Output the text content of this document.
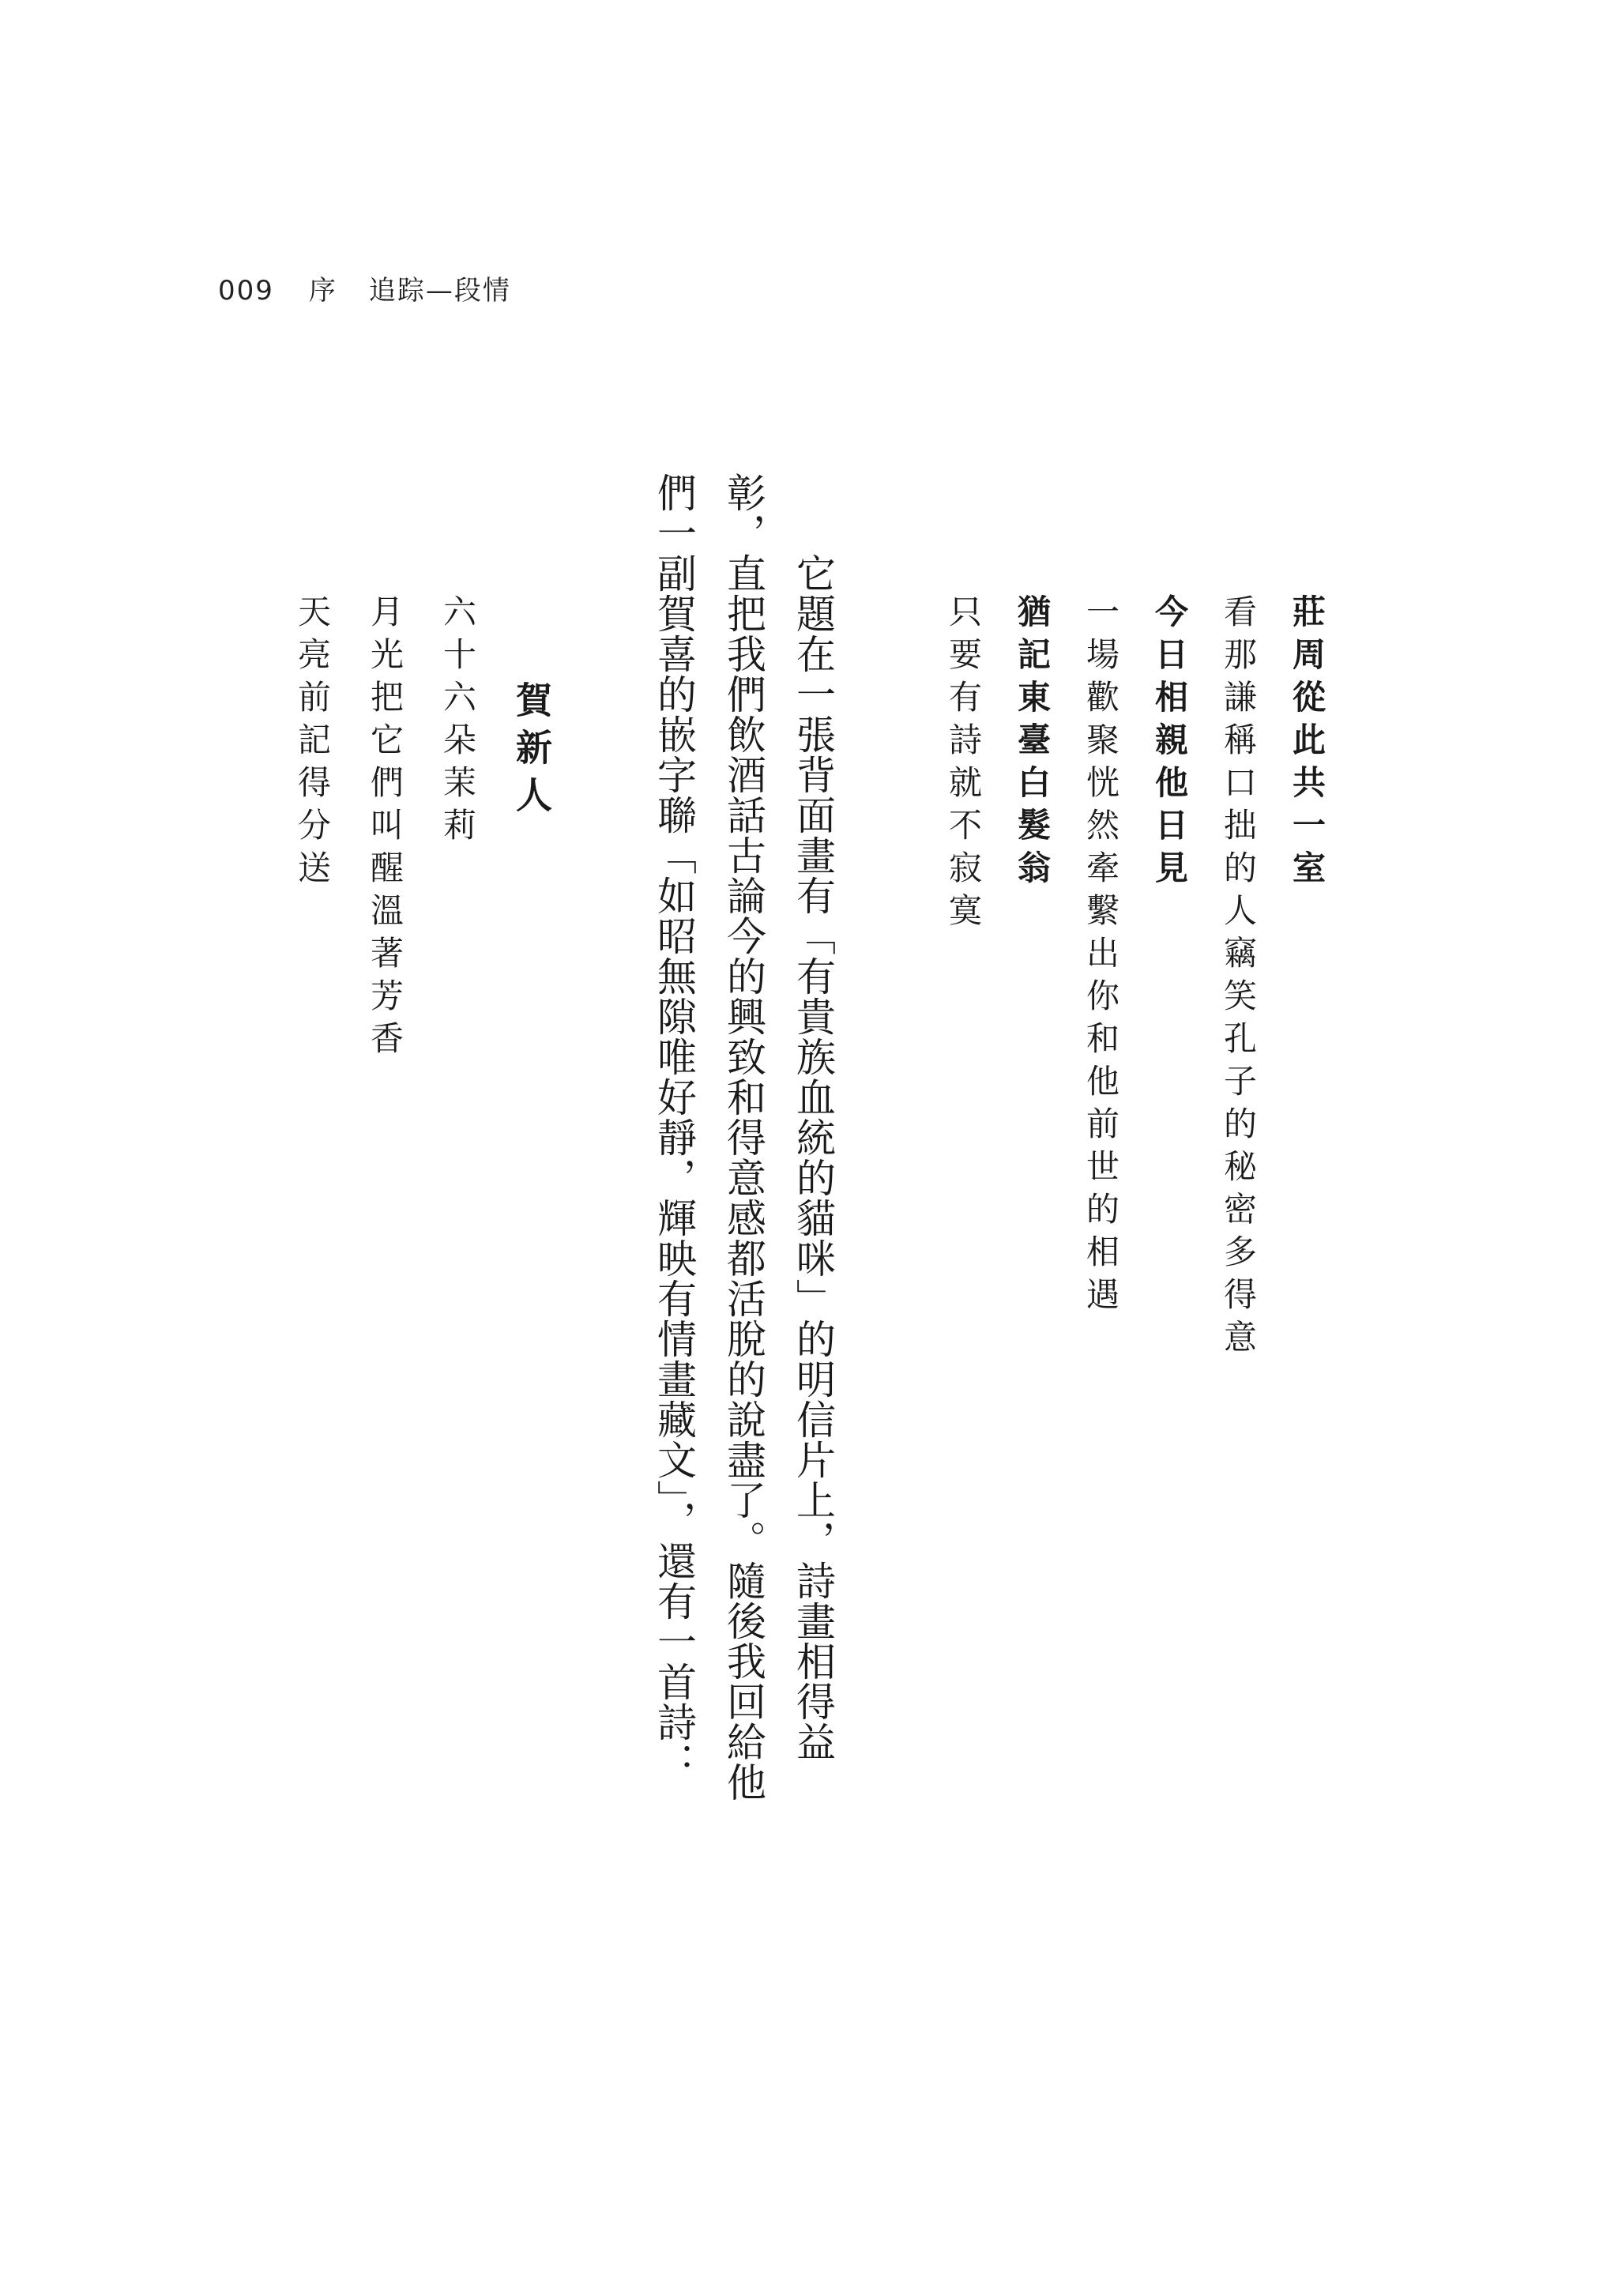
009 序 追踪—段情
莊周從此共一室
看那謙稱口拙的人竊笑孔子的秘密多得意
今日相親他日見
一場歡聚恍然牽繫出你和他前世的相遇
猶記東臺白髮翁
只要有詩就不寂寞
它題在一張背面畫有「有貴族血統的貓咪」的明信片上，詩畫相得益
彰，直把我們飲酒話古論今的興致和得意感都活脫的說盡了。隨後我回給他
們一副賀喜的嵌字聯「如昭無隙唯好靜，輝映有情畫藏文」，還有一首詩：
賀新人
六十六朵茉莉
月光把它們叫醒溫著芳香
天亮前記得分送
